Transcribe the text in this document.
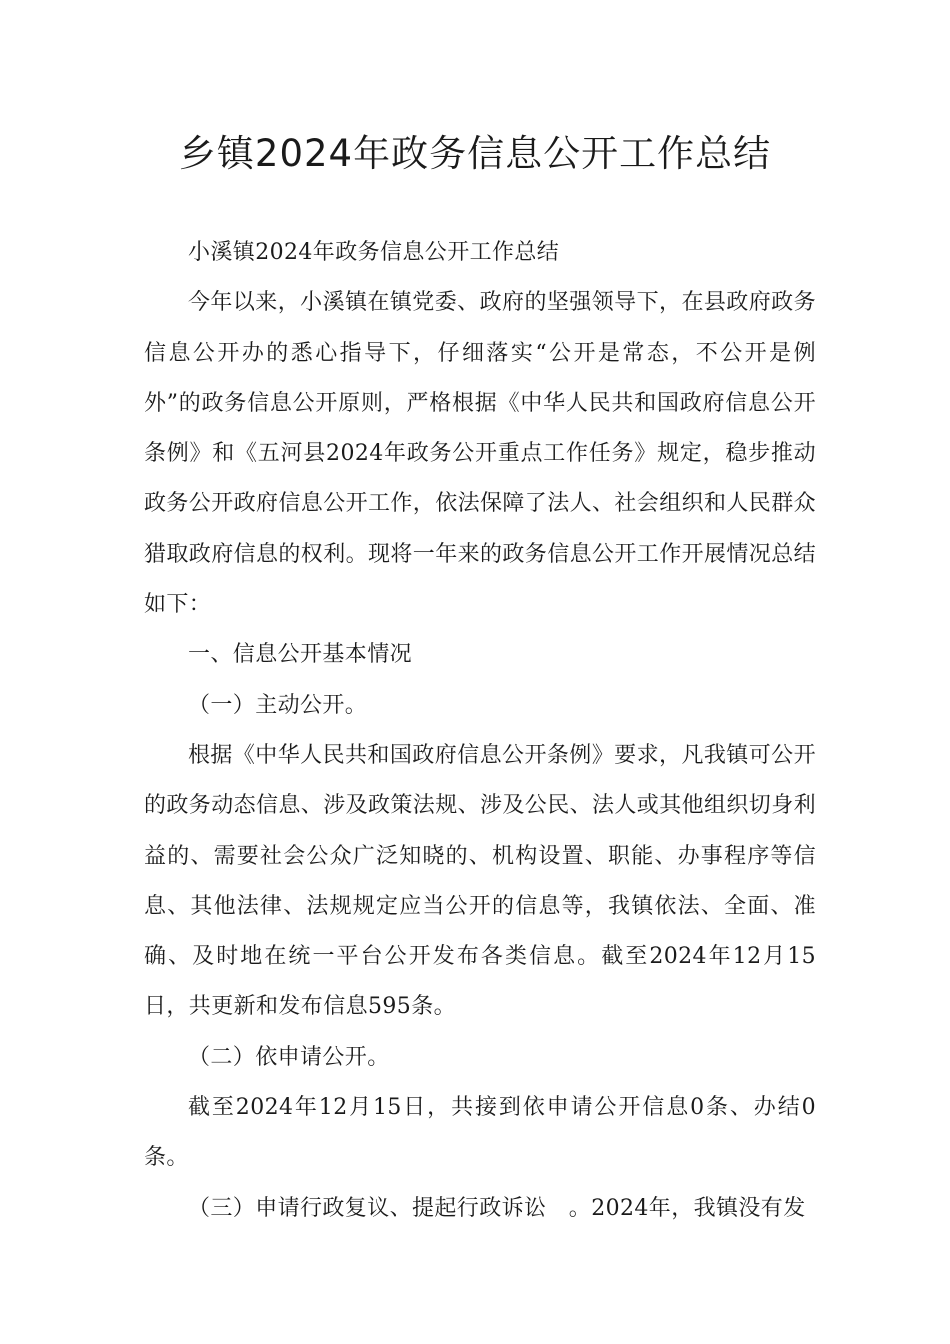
乡镇2024年政务信息公开工作总结

小溪镇2024年政务信息公开工作总结

今年以来，小溪镇在镇党委、政府的坚强领导下，在县政府政务信息公开办的悉心指导下，仔细落实“公开是常态，不公开是例外”的政务信息公开原则，严格根据《中华人民共和国政府信息公开条例》和《五河县2024年政务公开重点工作任务》规定，稳步推动政务公开政府信息公开工作，依法保障了法人、社会组织和人民群众猎取政府信息的权利。现将一年来的政务信息公开工作开展情况总结如下：

一、信息公开基本情况

（一）主动公开。

根据《中华人民共和国政府信息公开条例》要求，凡我镇可公开的政务动态信息、涉及政策法规、涉及公民、法人或其他组织切身利益的、需要社会公众广泛知晓的、机构设置、职能、办事程序等信息、其他法律、法规规定应当公开的信息等，我镇依法、全面、准确、及时地在统一平台公开发布各类信息。截至2024年12月15日，共更新和发布信息595条。

（二）依申请公开。

截至2024年12月15日，共接到依申请公开信息0条、办结0条。

（三）申请行政复议、提起行政诉讼　。2024年，我镇没有发
